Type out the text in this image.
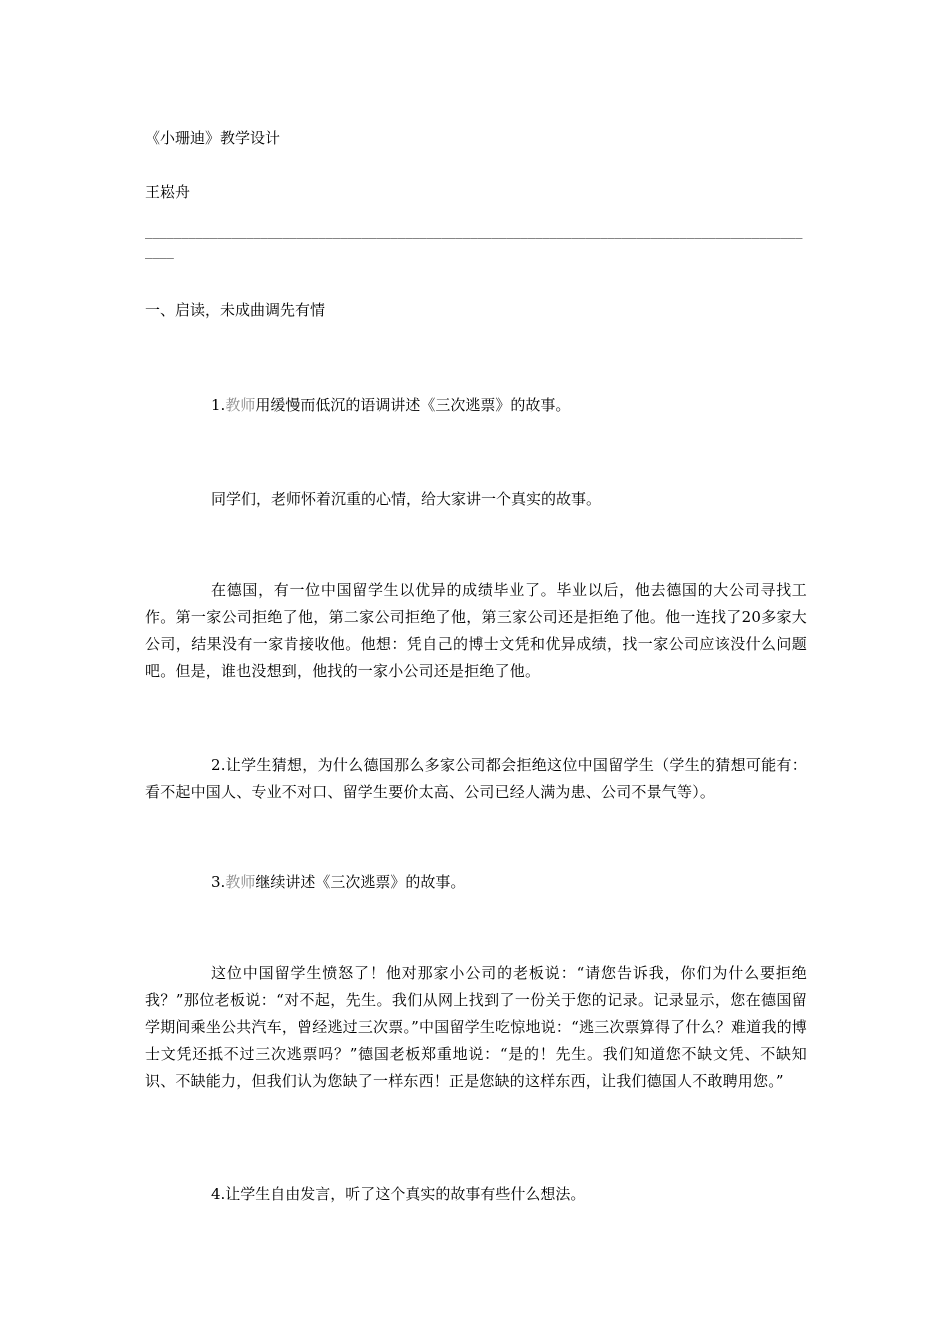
《小珊迪》教学设计
王崧舟
_______________________________________________________________________________________________
一、启读，未成曲调先有情
1.教师用缓慢而低沉的语调讲述《三次逃票》的故事。
同学们，老师怀着沉重的心情，给大家讲一个真实的故事。
在德国，有一位中国留学生以优异的成绩毕业了。毕业以后，他去德国的大公司寻找工作。第一家公司拒绝了他，第二家公司拒绝了他，第三家公司还是拒绝了他。他一连找了20多家大公司，结果没有一家肯接收他。他想：凭自己的博士文凭和优异成绩，找一家公司应该没什么问题吧。但是，谁也没想到，他找的一家小公司还是拒绝了他。
2.让学生猜想，为什么德国那么多家公司都会拒绝这位中国留学生（学生的猜想可能有：看不起中国人、专业不对口、留学生要价太高、公司已经人满为患、公司不景气等）。
3.教师继续讲述《三次逃票》的故事。
这位中国留学生愤怒了！他对那家小公司的老板说：“请您告诉我，你们为什么要拒绝我？”那位老板说：“对不起，先生。我们从网上找到了一份关于您的记录。记录显示，您在德国留学期间乘坐公共汽车，曾经逃过三次票。”中国留学生吃惊地说：“逃三次票算得了什么？难道我的博士文凭还抵不过三次逃票吗？”德国老板郑重地说：“是的！先生。我们知道您不缺文凭、不缺知识、不缺能力，但我们认为您缺了一样东西！正是您缺的这样东西，让我们德国人不敢聘用您。”
4.让学生自由发言，听了这个真实的故事有些什么想法。
